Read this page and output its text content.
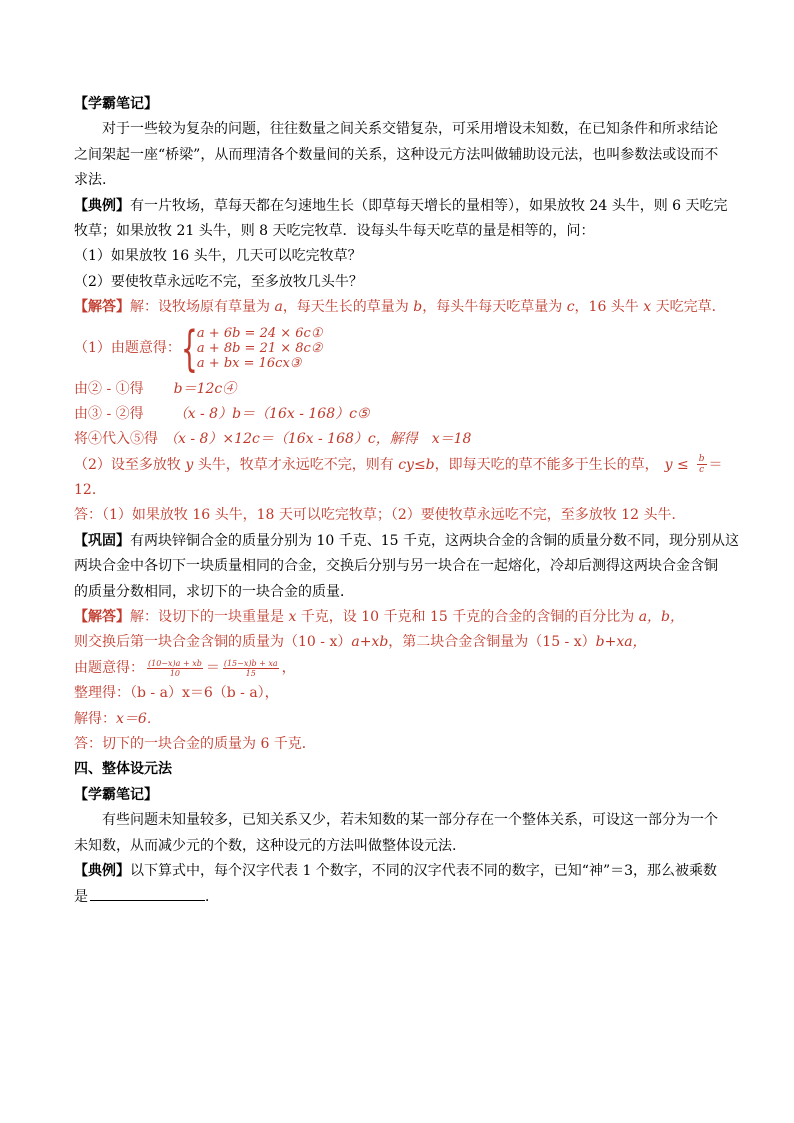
【学霸笔记】
对于一些较为复杂的问题，往往数量之间关系交错复杂，可采用增设未知数，在已知条件和所求结论
之间架起一座“桥梁”，从而理清各个数量间的关系，这种设元方法叫做辅助设元法，也叫参数法或设而不
求法.
【典例】有一片牧场，草每天都在匀速地生长（即草每天增长的量相等），如果放牧 24 头牛，则 6 天吃完
牧草；如果放牧 21 头牛，则 8 天吃完牧草．设每头牛每天吃草的量是相等的，问：
（1）如果放牧 16 头牛，几天可以吃完牧草？
（2）要使牧草永远吃不完，至多放牧几头牛？
【解答】解：设牧场原有草量为 a，每天生长的草量为 b，每头牛每天吃草量为 c，16 头牛 x 天吃完草．
（1）由题意得： { a + 6b = 24 × 6c①
a + 8b = 21 × 8c②
a + bx = 16cx③
由② - ①得 b＝12c④
由③ - ②得 （x - 8）b＝（16x - 168）c⑤
将④代入⑤得 （x - 8）×12c＝（16x - 168）c，解得 x＝18
（2）设至多放牧 y 头牛，牧草才永远吃不完，则有 cy≤b，即每天吃的草不能多于生长的草， $y \le \frac{b}{c}$ ＝
12．
答：（1）如果放牧 16 头牛，18 天可以吃完牧草；（2）要使牧草永远吃不完，至多放牧 12 头牛．
【巩固】有两块锌铜合金的质量分别为 10 千克、15 千克，这两块合金的含铜的质量分数不同，现分别从这
两块合金中各切下一块质量相同的合金，交换后分别与另一块合在一起熔化，冷却后测得这两块合金含铜
的质量分数相同，求切下的一块合金的质量．
【解答】解：设切下的一块重量是 x 千克，设 10 千克和 15 千克的合金的含铜的百分比为 a，b，
则交换后第一块合金含铜的质量为（10 - x）a+xb，第二块合金含铜量为（15 - x）b+xa，
由题意得： $\frac{(10-x)a + xb}{10} = \frac{(15-x)b + xa}{15}$ ，
整理得：（b - a）x＝6（b - a），
解得：x＝6．
答：切下的一块合金的质量为 6 千克．
四、整体设元法
【学霸笔记】
有些问题未知量较多，已知关系又少，若未知数的某一部分存在一个整体关系，可设这一部分为一个
未知数，从而减少元的个数，这种设元的方法叫做整体设元法.
【典例】以下算式中，每个汉字代表 1 个数字，不同的汉字代表不同的数字，已知“神”＝3，那么被乘数
是	．
